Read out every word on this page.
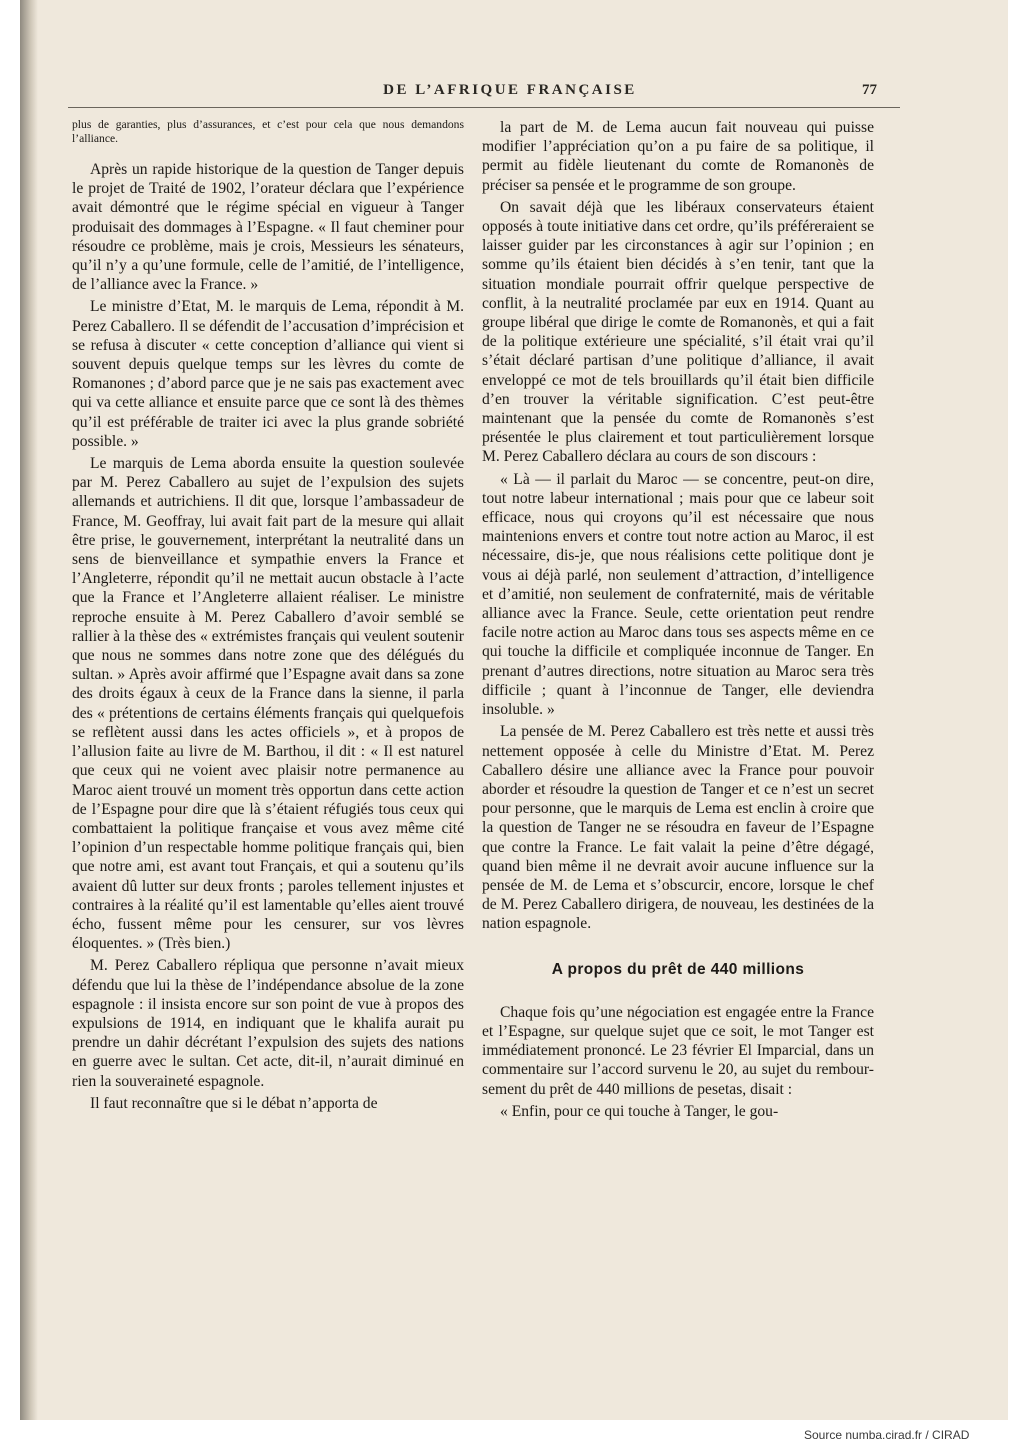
DE L’AFRIQUE FRANÇAISE	77

plus de garanties, plus d’assurances, et c’est pour cela que nous demandons l’alliance.

Après un rapide historique de la question de Tanger depuis le projet de Traité de 1902, l’orateur déclara que l’expérience avait démontré que le régime spécial en vigueur à Tanger produisait des dommages à l’Espagne. « Il faut cheminer pour résoudre ce problème, mais je crois, Messieurs les sénateurs, qu’il n’y a qu’une formule, celle de l’amitié, de l’intelligence, de l’alliance avec la France. »

Le ministre d’Etat, M. le marquis de Lema, répondit à M. Perez Caballero. Il se défendit de l’accusation d’imprécision et se refusa à discuter « cette conception d’alliance qui vient si souvent depuis quelque temps sur les lèvres du comte de Romanones ; d’abord parce que je ne sais pas exactement avec qui va cette alliance et ensuite parce que ce sont là des thèmes qu’il est préférable de traiter ici avec la plus grande sobriété possible. »

Le marquis de Lema aborda ensuite la question soulevée par M. Perez Caballero au sujet de l’expulsion des sujets allemands et autrichiens. Il dit que, lorsque l’ambassadeur de France, M. Geoffray, lui avait fait part de la mesure qui allait être prise, le gouvernement, interprétant la neutralité dans un sens de bienveillance et sympathie envers la France et l’Angleterre, répondit qu’il ne mettait aucun obstacle à l’acte que la France et l’Angleterre allaient réaliser. Le ministre reproche ensuite à M. Perez Caballero d’avoir semblé se rallier à la thèse des « extrémistes français qui veulent soutenir que nous ne sommes dans notre zone que des délégués du sultan. » Après avoir affirmé que l’Espagne avait dans sa zone des droits égaux à ceux de la France dans la sienne, il parla des « prétentions de certains éléments français qui quelquefois se reflètent aussi dans les actes officiels », et à propos de l’allusion faite au livre de M. Barthou, il dit : « Il est naturel que ceux qui ne voient avec plaisir notre permanence au Maroc aient trouvé un moment très opportun dans cette action de l’Espagne pour dire que là s’étaient réfugiés tous ceux qui combattaient la politique française et vous avez même cité l’opinion d’un respectable homme politique français qui, bien que notre ami, est avant tout Français, et qui a soutenu qu’ils avaient dû lutter sur deux fronts ; paroles tellement injustes et contraires à la réalité qu’il est lamentable qu’elles aient trouvé écho, fussent même pour les censurer, sur vos lèvres éloquentes. » (Très bien.)

M. Perez Caballero répliqua que personne n’avait mieux défendu que lui la thèse de l’indépendance absolue de la zone espagnole : il insista encore sur son point de vue à propos des expulsions de 1914, en indiquant que le khalifa aurait pu prendre un dahir décrétant l’expulsion des sujets des nations en guerre avec le sultan. Cet acte, dit-il, n’aurait diminué en rien la souveraineté espagnole.

Il faut reconnaître que si le débat n’apporta de

la part de M. de Lema aucun fait nouveau qui puisse modifier l’appréciation qu’on a pu faire de sa politique, il permit au fidèle lieutenant du comte de Romanonès de préciser sa pensée et le programme de son groupe.

On savait déjà que les libéraux conservateurs étaient opposés à toute initiative dans cet ordre, qu’ils préféreraient se laisser guider par les circonstances à agir sur l’opinion ; en somme qu’ils étaient bien décidés à s’en tenir, tant que la situation mondiale pourrait offrir quelque perspective de conflit, à la neutralité proclamée par eux en 1914. Quant au groupe libéral que dirige le comte de Romanonès, et qui a fait de la politique extérieure une spécialité, s’il était vrai qu’il s’était déclaré partisan d’une politique d’alliance, il avait enveloppé ce mot de tels brouillards qu’il était bien difficile d’en trouver la véritable signification. C’est peut-être maintenant que la pensée du comte de Romanonès s’est présentée le plus clairement et tout particulièrement lorsque M. Perez Caballero déclara au cours de son discours :

« Là — il parlait du Maroc — se concentre, peut-on dire, tout notre labeur international ; mais pour que ce labeur soit efficace, nous qui croyons qu’il est nécessaire que nous maintenions envers et contre tout notre action au Maroc, il est nécessaire, dis-je, que nous réalisions cette politique dont je vous ai déjà parlé, non seulement d’attraction, d’intelligence et d’amitié, non seulement de confraternité, mais de véritable alliance avec la France. Seule, cette orientation peut rendre facile notre action au Maroc dans tous ses aspects même en ce qui touche la difficile et compliquée inconnue de Tanger. En prenant d’autres directions, notre situation au Maroc sera très difficile ; quant à l’inconnue de Tanger, elle deviendra insoluble. »

La pensée de M. Perez Caballero est très nette et aussi très nettement opposée à celle du Ministre d’Etat. M. Perez Caballero désire une alliance avec la France pour pouvoir aborder et résoudre la question de Tanger et ce n’est un secret pour personne, que le marquis de Lema est enclin à croire que la question de Tanger ne se résoudra en faveur de l’Espagne que contre la France. Le fait valait la peine d’être dégagé, quand bien même il ne devrait avoir aucune influence sur la pensée de M. de Lema et s’obscurcir, encore, lorsque le chef de M. Perez Caballero dirigera, de nouveau, les destinées de la nation espagnole.

A propos du prêt de 440 millions

Chaque fois qu’une négociation est engagée entre la France et l’Espagne, sur quelque sujet que ce soit, le mot Tanger est immédiatement prononcé. Le 23 février El Imparcial, dans un commentaire sur l’accord survenu le 20, au sujet du rembour- sement du prêt de 440 millions de pesetas, disait :

« Enfin, pour ce qui touche à Tanger, le gou-

Source numba.cirad.fr / CIRAD
